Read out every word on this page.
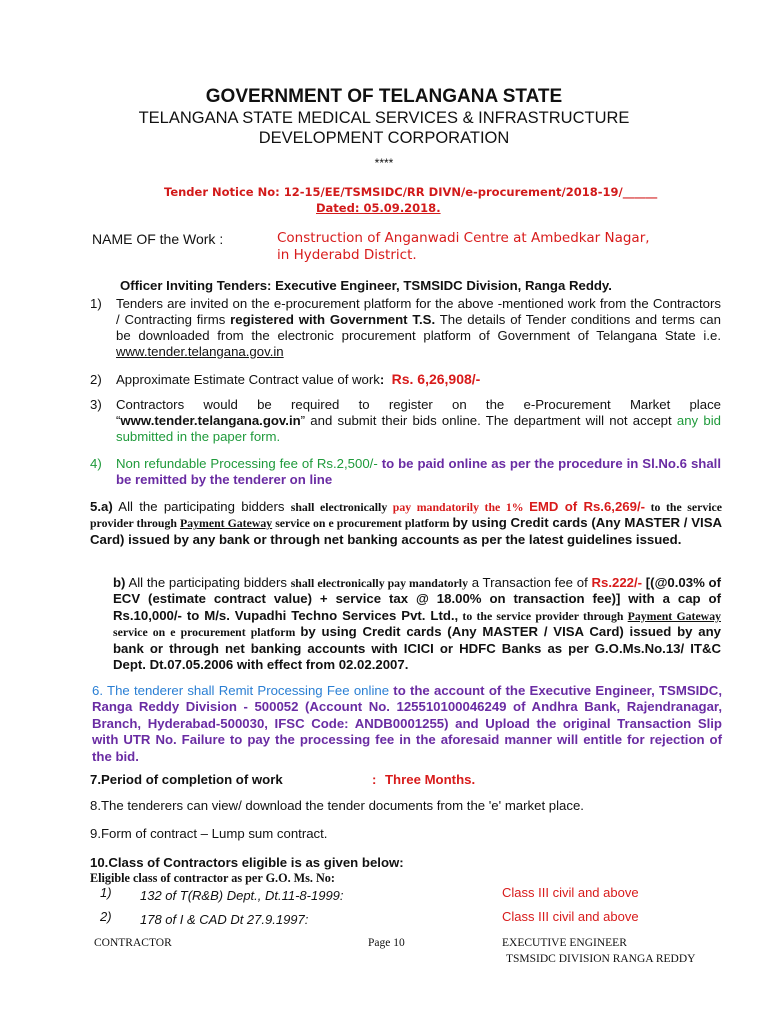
GOVERNMENT OF TELANGANA STATE
TELANGANA STATE MEDICAL SERVICES & INFRASTRUCTURE
DEVELOPMENT CORPORATION
****
Tender Notice No: 12-15/EE/TSMSIDC/RR DIVN/e-procurement/2018-19/______
Dated: 05.09.2018.
NAME OF the Work :	Construction of Anganwadi Centre at Ambedkar Nagar,
in Hyderabd District.
Officer Inviting Tenders: Executive Engineer, TSMSIDC Division, Ranga Reddy.
1) Tenders are invited on the e-procurement platform for the above -mentioned work from the Contractors / Contracting firms registered with Government T.S. The details of Tender conditions and terms can be downloaded from the electronic procurement platform of Government of Telangana State i.e. www.tender.telangana.gov.in
2) Approximate Estimate Contract value of work: Rs. 6,26,908/-
3) Contractors would be required to register on the e-Procurement Market place “www.tender.telangana.gov.in” and submit their bids online. The department will not accept any bid submitted in the paper form.
4) Non refundable Processing fee of Rs.2,500/- to be paid online as per the procedure in Sl.No.6 shall be remitted by the tenderer on line
5.a) All the participating bidders shall electronically pay mandatorily the 1% EMD of Rs.6,269/- to the service provider through Payment Gateway service on e procurement platform by using Credit cards (Any MASTER / VISA Card) issued by any bank or through net banking accounts as per the latest guidelines issued.
b) All the participating bidders shall electronically pay mandatorly a Transaction fee of Rs.222/- [(@0.03% of ECV (estimate contract value) + service tax @ 18.00% on transaction fee)] with a cap of Rs.10,000/- to M/s. Vupadhi Techno Services Pvt. Ltd., to the service provider through Payment Gateway service on e procurement platform by using Credit cards (Any MASTER / VISA Card) issued by any bank or through net banking accounts with ICICI or HDFC Banks as per G.O.Ms.No.13/ IT&C Dept. Dt.07.05.2006 with effect from 02.02.2007.
6. The tenderer shall Remit Processing Fee online to the account of the Executive Engineer, TSMSIDC, Ranga Reddy Division - 500052 (Account No. 125510100046249 of Andhra Bank, Rajendranagar, Branch, Hyderabad-500030, IFSC Code: ANDB0001255) and Upload the original Transaction Slip with UTR No. Failure to pay the processing fee in the aforesaid manner will entitle for rejection of the bid.
7.Period of completion of work	: Three Months.
8.The tenderers can view/ download the tender documents from the 'e' market place.
9.Form of contract – Lump sum contract.
10.Class of Contractors eligible is as given below:
Eligible class of contractor as per G.O. Ms. No:
1) 132 of T(R&B) Dept., Dt.11-8-1999:	Class III civil and above
2) 178 of I & CAD Dt 27.9.1997:	Class III civil and above
CONTRACTOR	Page 10	EXECUTIVE ENGINEER
TSMSIDC DIVISION RANGA REDDY
